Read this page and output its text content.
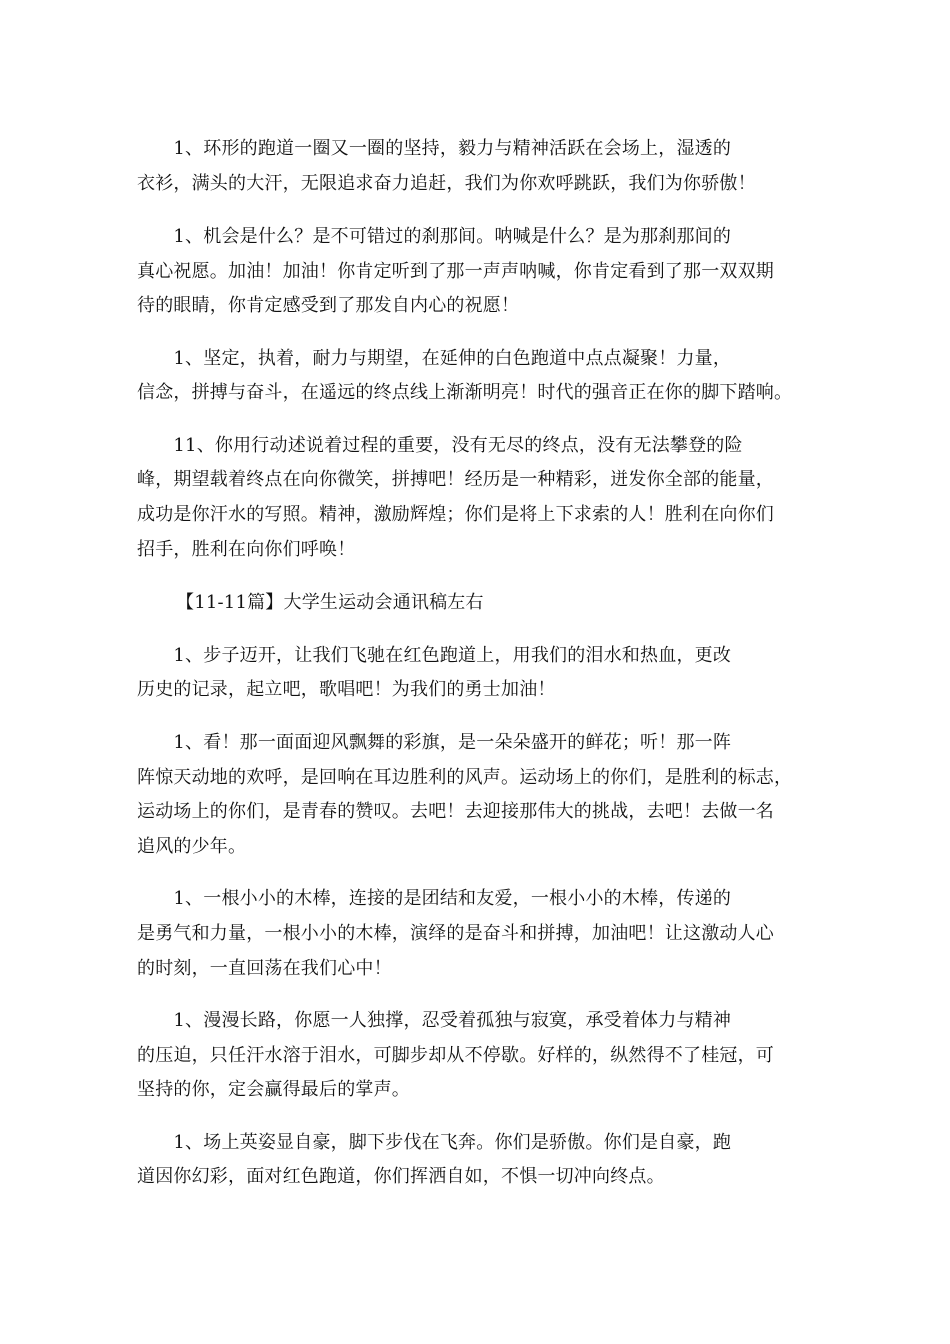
　　1、环形的跑道一圈又一圈的坚持，毅力与精神活跃在会场上，湿透的
衣衫，满头的大汗，无限追求奋力追赶，我们为你欢呼跳跃，我们为你骄傲！
　　1、机会是什么？是不可错过的刹那间。呐喊是什么？是为那刹那间的
真心祝愿。加油！加油！你肯定听到了那一声声呐喊，你肯定看到了那一双双期
待的眼睛，你肯定感受到了那发自内心的祝愿！
　　1、坚定，执着，耐力与期望，在延伸的白色跑道中点点凝聚！力量，
信念，拼搏与奋斗，在遥远的终点线上渐渐明亮！时代的强音正在你的脚下踏响。
　　11、你用行动述说着过程的重要，没有无尽的终点，没有无法攀登的险
峰，期望载着终点在向你微笑，拼搏吧！经历是一种精彩，迸发你全部的能量，
成功是你汗水的写照。精神，激励辉煌；你们是将上下求索的人！胜利在向你们
招手，胜利在向你们呼唤！
【11-11篇】大学生运动会通讯稿左右
　　1、步子迈开，让我们飞驰在红色跑道上，用我们的泪水和热血，更改
历史的记录，起立吧，歌唱吧！为我们的勇士加油！
　　1、看！那一面面迎风飘舞的彩旗，是一朵朵盛开的鲜花；听！那一阵
阵惊天动地的欢呼，是回响在耳边胜利的风声。运动场上的你们，是胜利的标志，
运动场上的你们，是青春的赞叹。去吧！去迎接那伟大的挑战，去吧！去做一名
追风的少年。
　　1、一根小小的木棒，连接的是团结和友爱，一根小小的木棒，传递的
是勇气和力量，一根小小的木棒，演绎的是奋斗和拼搏，加油吧！让这激动人心
的时刻，一直回荡在我们心中！
　　1、漫漫长路，你愿一人独撑，忍受着孤独与寂寞，承受着体力与精神
的压迫，只任汗水溶于泪水，可脚步却从不停歇。好样的，纵然得不了桂冠，可
坚持的你，定会赢得最后的掌声。
　　1、场上英姿显自豪，脚下步伐在飞奔。你们是骄傲。你们是自豪，跑
道因你幻彩，面对红色跑道，你们挥洒自如，不惧一切冲向终点。
